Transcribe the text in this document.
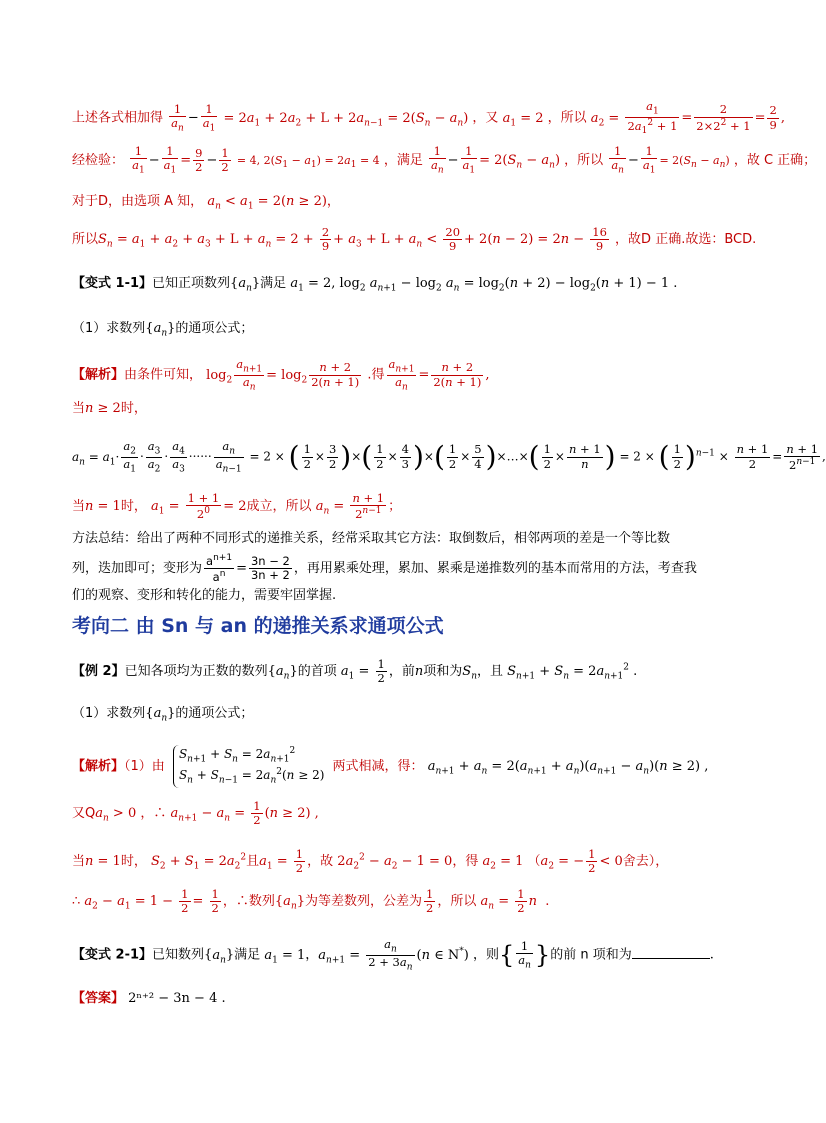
上述各式相加得 $\frac{1}{a_n} - \frac{1}{a_1} = 2a_1 + 2a_2 + L + 2a_{n-1} = 2(S_n - a_n)$ ，又 $a_1 = 2$ ，所以 $a_2 = \frac{a_1}{2a_1^2 + 1} = \frac{2}{2\times 2^2 + 1} = \frac{2}{9}$ ,
经检验： $\frac{1}{a_1} - \frac{1}{a_1} = \frac{9}{2} - \frac{1}{2} = 4$, $2(S_1 - a_1) = 2a_1 = 4$ ，满足 $\frac{1}{a_n} - \frac{1}{a_1} = 2(S_n - a_n)$ ，所以 $\frac{1}{a_n} - \frac{1}{a_1} = 2(S_n - a_n)$ ，故 C 正确；
对于D，由选项 A 知， $a_n < a_1 = 2(n \ge 2)$，
所以$S_n = a_1 + a_2 + a_3 + L + a_n = 2 + \frac{2}{9} + a_3 + L + a_n < \frac{20}{9} + 2(n - 2) = 2n - \frac{16}{9}$ ，故D 正确.故选：BCD.
【变式 1-1】已知正项数列$\{a_n\}$满足 $a_1 = 2$, $\log_2 a_{n+1} - \log_2 a_n = \log_2(n + 2) - \log_2(n + 1) - 1$ .
（1）求数列$\{a_n\}$的通项公式；
【解析】由条件可知， $\log_2 \frac{a_{n+1}}{a_n} = \log_2 \frac{n + 2}{2(n + 1)}$ .得 $\frac{a_{n+1}}{a_n} = \frac{n + 2}{2(n + 1)}$ ,
当n ≥ 2时，
$a_n = a_1\cdot \frac{a_2}{a_1} \cdot \frac{a_3}{a_2} \cdot \frac{a_4}{a_3}$ ······ $\frac{a_n}{a_{n-1}} = 2$ × ( $\frac{1}{2} \times \frac{3}{2}$ )×( $\frac{1}{2} \times \frac{4}{3}$ )×( $\frac{1}{2} \times \frac{5}{4}$ )×…×( $\frac{1}{2} \times \frac{n + 1}{n}$ ) = 2 × ( $\frac{1}{2} )^{n-1} \times \frac{n + 1}{2} = \frac{n + 1}{2^{n-1}}$ ,
当n = 1时， $a_1 = \frac{1 + 1}{2^0} = 2$成立，所以 $a_n = \frac{n + 1}{2^{n-1}}$ ；
方法总结：给出了两种不同形式的递推关系，经常采取其它方法：取倒数后，相邻两项的差是一个等比数
列，迭加即可；变形为 $\frac{a^{n+1}}{a^n} = \frac{3n - 2}{3n + 2}$ ，再用累乘处理，累加、累乘是递推数列的基本而常用的方法，考查我
们的观察、变形和转化的能力，需要牢固掌握.
考向二 由 Sn 与 an 的递推关系求通项公式
【例 2】已知各项均为正数的数列$\{a_n\}$的首项 $a_1 = \frac{1}{2}$ ，前n项和为$S_n$，且 $S_{n+1} + S_n = 2a_{n+1}^2$ .
（1）求数列$\{a_n\}$的通项公式；
【解析】（1）由 $S_{n+1} + S_n = 2a_{n+1}^2$
$S_n + S_{n-1} = 2a_n^2(n \ge 2)$ 两式相减，得： $a_{n+1} + a_n = 2(a_{n+1} + a_n)(a_{n+1} - a_n)(n \ge 2)$ ,
又$Qa_n > 0$ ，∴ $a_{n+1} - a_n = \frac{1}{2} (n \ge 2)$ ,
当n = 1时， $S_2 + S_1 = 2a_2^2$且$a_1 = \frac{1}{2}$ ，故 $2a_2^2 - a_2 - 1 = 0$，得 $a_2 = 1$ （$a_2$ = − $\frac{1}{2} < 0$舍去），
∴ $a_2 - a_1 = 1 - \frac{1}{2} = \frac{1}{2}$ ，∴数列$\{a_n\}$为等差数列，公差为 $\frac{1}{2}$ ，所以 $a_n = \frac{1}{2}$ n  .
【变式 2-1】已知数列$\{a_n\}$满足 $a_1 = 1$，$a_{n+1} = \frac{a_n}{2 + 3a_n} (n$ ∈ N*) ，则{ $\frac{1}{a_n}$ }的前 n 项和为	.
【答案】 2ⁿ⁺² − 3n − 4 .
